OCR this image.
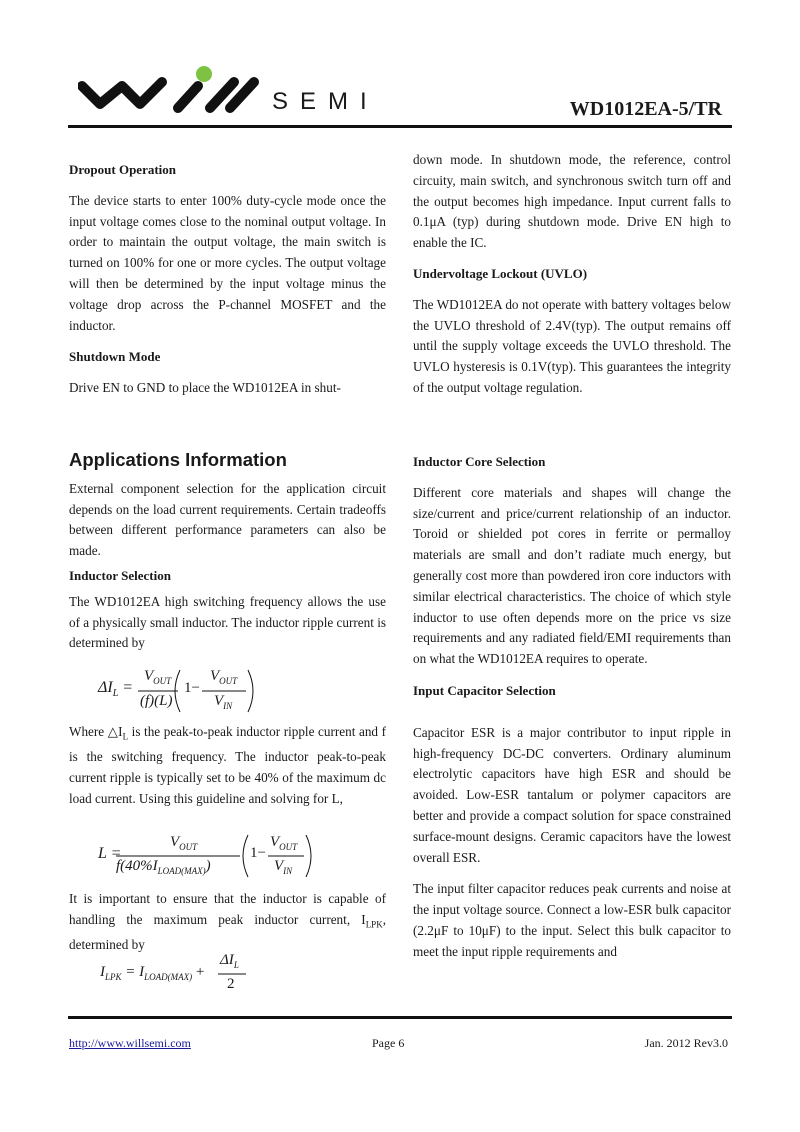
SEMI	WD1012EA-5/TR

Dropout Operation

The device starts to enter 100% duty-cycle mode once the input voltage comes close to the nominal output voltage. In order to maintain the output voltage, the main switch is turned on 100% for one or more cycles. The output voltage will then be determined by the input voltage minus the voltage drop across the P-channel MOSFET and the inductor.

Shutdown Mode

Drive EN to GND to place the WD1012EA in shut-

down mode. In shutdown mode, the reference, control circuity, main switch, and synchronous switch turn off and the output becomes high impedance. Input current falls to 0.1μA (typ) during shutdown mode. Drive EN high to enable the IC.

Undervoltage Lockout (UVLO)

The WD1012EA do not operate with battery voltages below the UVLO threshold of 2.4V(typ). The output remains off until the supply voltage exceeds the UVLO threshold. The UVLO hysteresis is 0.1V(typ). This guarantees the integrity of the output voltage regulation.

Applications Information

External component selection for the application circuit depends on the load current requirements. Certain tradeoffs between different performance parameters can also be made.

Inductor Selection

The WD1012EA high switching frequency allows the use of a physically small inductor. The inductor ripple current is determined by

$\Delta I_L$ =
$V_{OUT}$
(f)(L)
1−
$V_{OUT}$
$V_{IN}$

Where $\triangle I_L$ is the peak-to-peak inductor ripple current and f is the switching frequency. The inductor peak-to-peak current ripple is typically set to be 40% of the maximum dc load current. Using this guideline and solving for L,

L =
$V_{OUT}$
$f(40\%I_{LOAD(MAX)})$
1−
$V_{OUT}$
$V_{IN}$

It is important to ensure that the inductor is capable of handling the maximum peak inductor current, $I_{LPK}$, determined by

$I_{LPK} = I_{LOAD(MAX)}$ +
$\Delta I_L$
2

Inductor Core Selection

Different core materials and shapes will change the size/current and price/current relationship of an inductor. Toroid or shielded pot cores in ferrite or permalloy materials are small and don’t radiate much energy, but generally cost more than powdered iron core inductors with similar electrical characteristics. The choice of which style inductor to use often depends more on the price vs size requirements and any radiated field/EMI requirements than on what the WD1012EA requires to operate.

Input Capacitor Selection

Capacitor ESR is a major contributor to input ripple in high-frequency DC-DC converters. Ordinary aluminum electrolytic capacitors have high ESR and should be avoided. Low-ESR tantalum or polymer capacitors are better and provide a compact solution for space constrained surface-mount designs. Ceramic capacitors have the lowest overall ESR.

The input filter capacitor reduces peak currents and noise at the input voltage source. Connect a low-ESR bulk capacitor (2.2μF to 10μF) to the input. Select this bulk capacitor to meet the input ripple requirements and

http://www.willsemi.com	Page 6	Jan. 2012 Rev3.0
